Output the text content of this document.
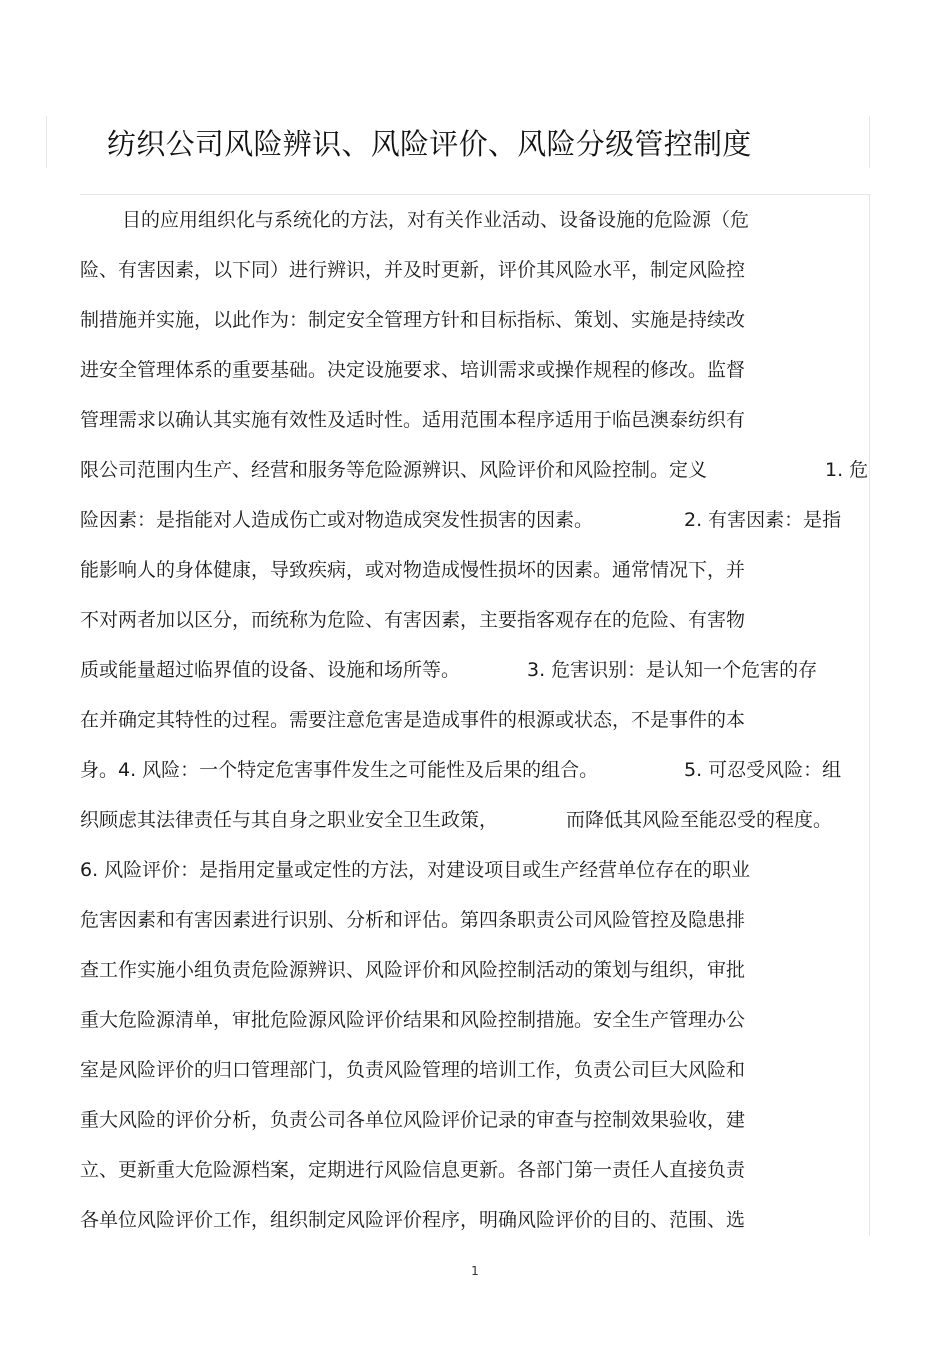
纺织公司风险辨识、风险评价、风险分级管控制度
目的应用组织化与系统化的方法，对有关作业活动、设备设施的危险源（危
险、有害因素，以下同）进行辨识，并及时更新，评价其风险水平，制定风险控
制措施并实施，以此作为：制定安全管理方针和目标指标、策划、实施是持续改
进安全管理体系的重要基础。决定设施要求、培训需求或操作规程的修改。监督
管理需求以确认其实施有效性及适时性。适用范围本程序适用于临邑澳泰纺织有
限公司范围内生产、经营和服务等危险源辨识、风险评价和风险控制。定义	1. 危
险因素：是指能对人造成伤亡或对物造成突发性损害的因素。	2. 有害因素：是指
能影响人的身体健康，导致疾病，或对物造成慢性损坏的因素。通常情况下，并
不对两者加以区分，而统称为危险、有害因素，主要指客观存在的危险、有害物
质或能量超过临界值的设备、设施和场所等。	3. 危害识别：是认知一个危害的存
在并确定其特性的过程。需要注意危害是造成事件的根源或状态，不是事件的本
身。4. 风险：一个特定危害事件发生之可能性及后果的组合。	5. 可忍受风险：组
织顾虑其法律责任与其自身之职业安全卫生政策，	而降低其风险至能忍受的程度。
6. 风险评价：是指用定量或定性的方法，对建设项目或生产经营单位存在的职业
危害因素和有害因素进行识别、分析和评估。第四条职责公司风险管控及隐患排
查工作实施小组负责危险源辨识、风险评价和风险控制活动的策划与组织，审批
重大危险源清单，审批危险源风险评价结果和风险控制措施。安全生产管理办公
室是风险评价的归口管理部门，负责风险管理的培训工作，负责公司巨大风险和
重大风险的评价分析，负责公司各单位风险评价记录的审查与控制效果验收，建
立、更新重大危险源档案，定期进行风险信息更新。各部门第一责任人直接负责
各单位风险评价工作，组织制定风险评价程序，明确风险评价的目的、范围、选
1
